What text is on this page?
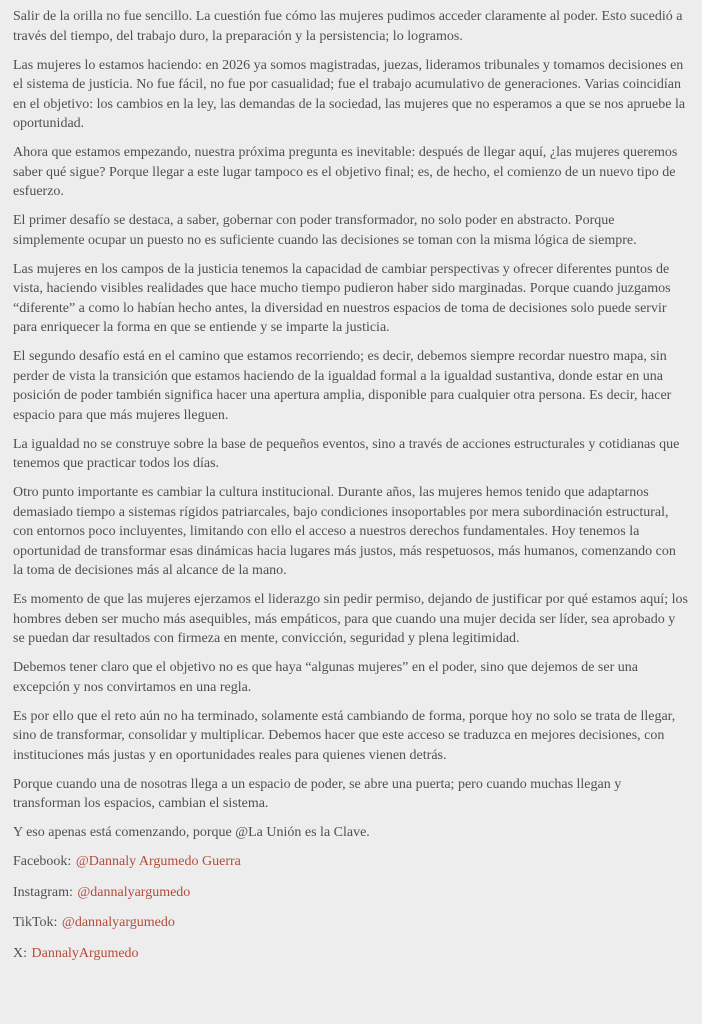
Salir de la orilla no fue sencillo. La cuestión fue cómo las mujeres pudimos acceder claramente al poder. Esto sucedió a través del tiempo, del trabajo duro, la preparación y la persistencia; lo logramos.

Las mujeres lo estamos haciendo: en 2026 ya somos magistradas, juezas, lideramos tribunales y tomamos decisiones en el sistema de justicia. No fue fácil, no fue por casualidad; fue el trabajo acumulativo de generaciones. Varias coincidían en el objetivo: los cambios en la ley, las demandas de la sociedad, las mujeres que no esperamos a que se nos apruebe la oportunidad.

Ahora que estamos empezando, nuestra próxima pregunta es inevitable: después de llegar aquí, ¿las mujeres queremos saber qué sigue? Porque llegar a este lugar tampoco es el objetivo final; es, de hecho, el comienzo de un nuevo tipo de esfuerzo.

El primer desafío se destaca, a saber, gobernar con poder transformador, no solo poder en abstracto. Porque simplemente ocupar un puesto no es suficiente cuando las decisiones se toman con la misma lógica de siempre.

Las mujeres en los campos de la justicia tenemos la capacidad de cambiar perspectivas y ofrecer diferentes puntos de vista, haciendo visibles realidades que hace mucho tiempo pudieron haber sido marginadas. Porque cuando juzgamos “diferente” a como lo habían hecho antes, la diversidad en nuestros espacios de toma de decisiones solo puede servir para enriquecer la forma en que se entiende y se imparte la justicia.

El segundo desafío está en el camino que estamos recorriendo; es decir, debemos siempre recordar nuestro mapa, sin perder de vista la transición que estamos haciendo de la igualdad formal a la igualdad sustantiva, donde estar en una posición de poder también significa hacer una apertura amplia, disponible para cualquier otra persona. Es decir, hacer espacio para que más mujeres lleguen.

La igualdad no se construye sobre la base de pequeños eventos, sino a través de acciones estructurales y cotidianas que tenemos que practicar todos los días.

Otro punto importante es cambiar la cultura institucional. Durante años, las mujeres hemos tenido que adaptarnos demasiado tiempo a sistemas rígidos patriarcales, bajo condiciones insoportables por mera subordinación estructural, con entornos poco incluyentes, limitando con ello el acceso a nuestros derechos fundamentales. Hoy tenemos la oportunidad de transformar esas dinámicas hacia lugares más justos, más respetuosos, más humanos, comenzando con la toma de decisiones más al alcance de la mano.

Es momento de que las mujeres ejerzamos el liderazgo sin pedir permiso, dejando de justificar por qué estamos aquí; los hombres deben ser mucho más asequibles, más empáticos, para que cuando una mujer decida ser líder, sea aprobado y se puedan dar resultados con firmeza en mente, convicción, seguridad y plena legitimidad.

Debemos tener claro que el objetivo no es que haya “algunas mujeres” en el poder, sino que dejemos de ser una excepción y nos convirtamos en una regla.

Es por ello que el reto aún no ha terminado, solamente está cambiando de forma, porque hoy no solo se trata de llegar, sino de transformar, consolidar y multiplicar. Debemos hacer que este acceso se traduzca en mejores decisiones, con instituciones más justas y en oportunidades reales para quienes vienen detrás.

Porque cuando una de nosotras llega a un espacio de poder, se abre una puerta; pero cuando muchas llegan y transforman los espacios, cambian el sistema.

Y eso apenas está comenzando, porque @La Unión es la Clave.

Facebook: @Dannaly Argumedo Guerra

Instagram: @dannalyargumedo

TikTok: @dannalyargumedo

X: DannalyArgumedo
